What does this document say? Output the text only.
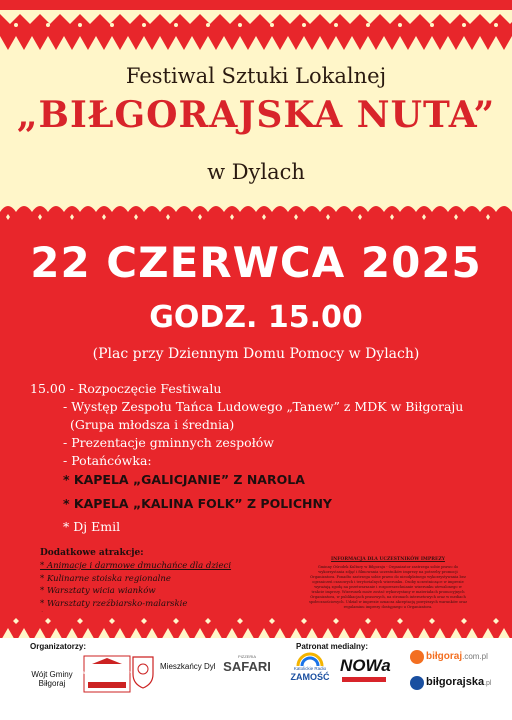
Festiwal Sztuki Lokalnej
„BIŁGORAJSKA NUTA”
w Dylach
22 CZERWCA 2025
GODZ. 15.00
(Plac przy Dziennym Domu Pomocy w Dylach)
15.00 - Rozpoczęcie Festiwalu
- Występ Zespołu Tańca Ludowego „Tanew” z MDK w Biłgoraju
(Grupa młodsza i średnia)
- Prezentacje gminnych zespołów
- Potańcówka:
* KAPELA „GALICJANIE” Z NAROLA
* KAPELA „KALINA FOLK” Z POLICHNY
* Dj Emil
Dodatkowe atrakcje:
* Animacje i darmowe dmuchańce dla dzieci
* Kulinarne stoiska regionalne
* Warsztaty wicia wianków
* Warsztaty rzeźbiarsko-malarskie
INFORMACJA DLA UCZESTNIKÓW IMPREZY
Gminny Ośrodek Kultury w Biłgoraju - Organizator zastrzega sobie prawo do wykorzystania zdjęć i filmowania uczestników imprezy na potrzeby promocji Organizatora. Ponadto zastrzega sobie prawo do nieodpłatnego wykorzystywania bez ograniczeń czasowych i terytorialnych wizerunku. Osoby uczestniczące w imprezie wyrażają zgodę na przetwarzanie i rozpowszechnianie wizerunku utrwalonego w trakcie imprezy. Wizerunek może zostać wykorzystany w materiałach promocyjnych Organizatora, w publikacjach prasowych, na stronach internetowych oraz w mediach społecznościowych. Udział w imprezie oznacza akceptację powyższych warunków oraz regulaminu imprezy dostępnego u Organizatora.
Organizatorzy:	Patronat medialny:
Wójt Gminy Biłgoraj
GMINNY OŚRODEK KULTURY
Mieszkańcy Dyl
PIZZERIA
SAFARI	Katolickie Radio
ZAMOŚĆ
NOWa	biłgoraj.com.pl
biłgorajska.pl
